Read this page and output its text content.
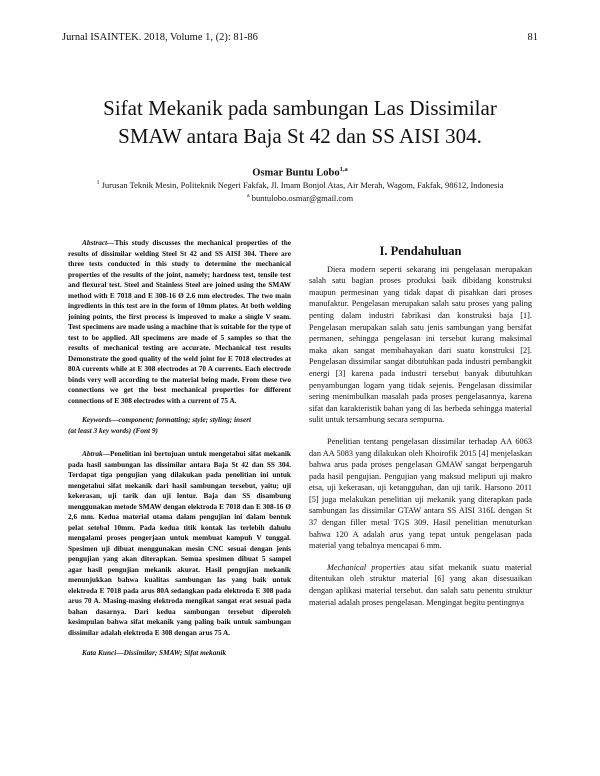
Jurnal ISAINTEK. 2018, Volume 1, (2): 81-86	81
Sifat Mekanik pada sambungan Las Dissimilar
SMAW antara Baja St 42 dan SS AISI 304.
Osmar Buntu Lobo$^{1,a}$
$^1$ Jurusan Teknik Mesin, Politeknik Negeri Fakfak, Jl. Imam Bonjol Atas, Air Merah, Wagom, Fakfak, 98612, Indonesia
$^a$ buntulobo.osmar@gmail.com

Abstract—This study discusses the mechanical properties of the results of dissimilar welding Steel St 42 and SS AISI 304. There are three tests conducted in this study to determine the mechanical properties of the results of the joint, namely; hardness test, tensile test and flexural test. Steel and Stainless Steel are joined using the SMAW method with E 7018 and E 308-16 Ø 2.6 mm electrodes. The two main ingredients in this test are in the form of 10mm plates. At both welding joining points, the first process is improved to make a single V seam. Test specimens are made using a machine that is suitable for the type of test to be applied. All specimens are made of 5 samples so that the results of mechanical testing are accurate. Mechanical test results Demonstrate the good quality of the weld joint for E 7018 electrodes at 80A currents while at E 308 electrodes at 70 A currents. Each electrode binds very well according to the material being made. From these two connections we get the best mechanical properties for different connections of E 308 electrodes with a current of 75 A.

Keywords—component; formatting; style; styling; insert

(at least 3 key words) (Font 9)

Abtrak—Penelitian ini bertujuan untuk mengetahui sifat mekanik pada hasil sambungan las dissimilar antara Baja St 42 dan SS 304. Terdapat tiga pengujian yang dilakukan pada penelitian ini untuk mengetahui sifat mekanik dari hasil sambungan tersebut, yaitu; uji kekerasan, uji tarik dan uji lentur. Baja dan SS disambung menggunakan metode SMAW dengan elektroda E 7018 dan E 308-16 Ø 2,6 mm. Kedua material utama dalam pengujian ini dalam bentuk pelat setebal 10mm. Pada kedua titik kontak las terlebih dahulu mengalami proses pengerjaan untuk membuat kampuh V tunggal. Spesimen uji dibuat menggunakan mesin CNC sesuai dengan jenis pengujian yang akan diterapkan. Semua spesimen dibuat 5 sampel agar hasil pengujian mekanik akurat. Hasil pengujian mekanik menunjukkan bahwa kualitas sambungan las yang baik untuk elektroda E 7018 pada arus 80A sedangkan pada elektroda E 308 pada arus 70 A. Masing-masing elektroda mengikat sangat erat sesuai pada bahan dasarnya. Dari kedua sambungan tersebut diperoleh kesimpulan bahwa sifat mekanik yang paling baik untuk sambungan dissimilar adalah elektroda E 308 dengan arus 75 A.

Kata Kunci—Dissimilar; SMAW; Sifat mekanik

I. Pendahuluan

Diera modern seperti sekarang ini pengelasan merupakan salah satu bagian proses produksi baik dibidang konstruksi maupun permesinan yang tidak dapat di pisahkan dari proses manufaktur. Pengelasan merupakan salah satu proses yang paling penting dalam industri fabrikasi dan konstruksi baja [1]. Pengelasan merupakan salah satu jenis sambungan yang bersifat permanen, sehingga pengelasan ini tersebut kurang maksimal maka akan sangat membahayakan dari suatu konstruksi [2]. Pengelasan dissimilar sangat dibutuhkan pada industri pembangkit energi [3] karena pada industri tersebut banyak dibutuhkan penyambungan logam yang tidak sejenis. Pengelasan dissimilar sering menimbulkan masalah pada proses pengelasannya, karena sifat dan karakteristik bahan yang di las berbeda sehingga material sulit untuk tersambung secara sempurna.

Penelitian tentang pengelasan dissimilar terhadap AA 6063 dan AA 5083 yang dilakukan oleh Khoirofik 2015 [4] menjelaskan bahwa arus pada proses pengelasan GMAW sangat berpengaruh pada hasil pengujian. Pengujian yang maksud meliputi uji makro etsa, uji kekerasan, uji ketangguhan, dan uji tarik. Harsono 2011 [5] juga melakukan penelitian uji mekanik yang diterapkan pada sambungan las dissimilar GTAW antara SS AISI 316L dengan St 37 dengan filler metal TGS 309. Hasil penelitian menuturkan bahwa 120 A adalah arus yang tepat untuk pengelasan pada material yang tebalnya mencapai 6 mm.

Mechanical properties atau sifat mekanik suatu material ditentukan oleh struktur material [6] yang akan disesuaikan dengan aplikasi material tersebut. dan salah satu penentu struktur material adalah proses pengelasan. Mengingat begitu pentingnya
